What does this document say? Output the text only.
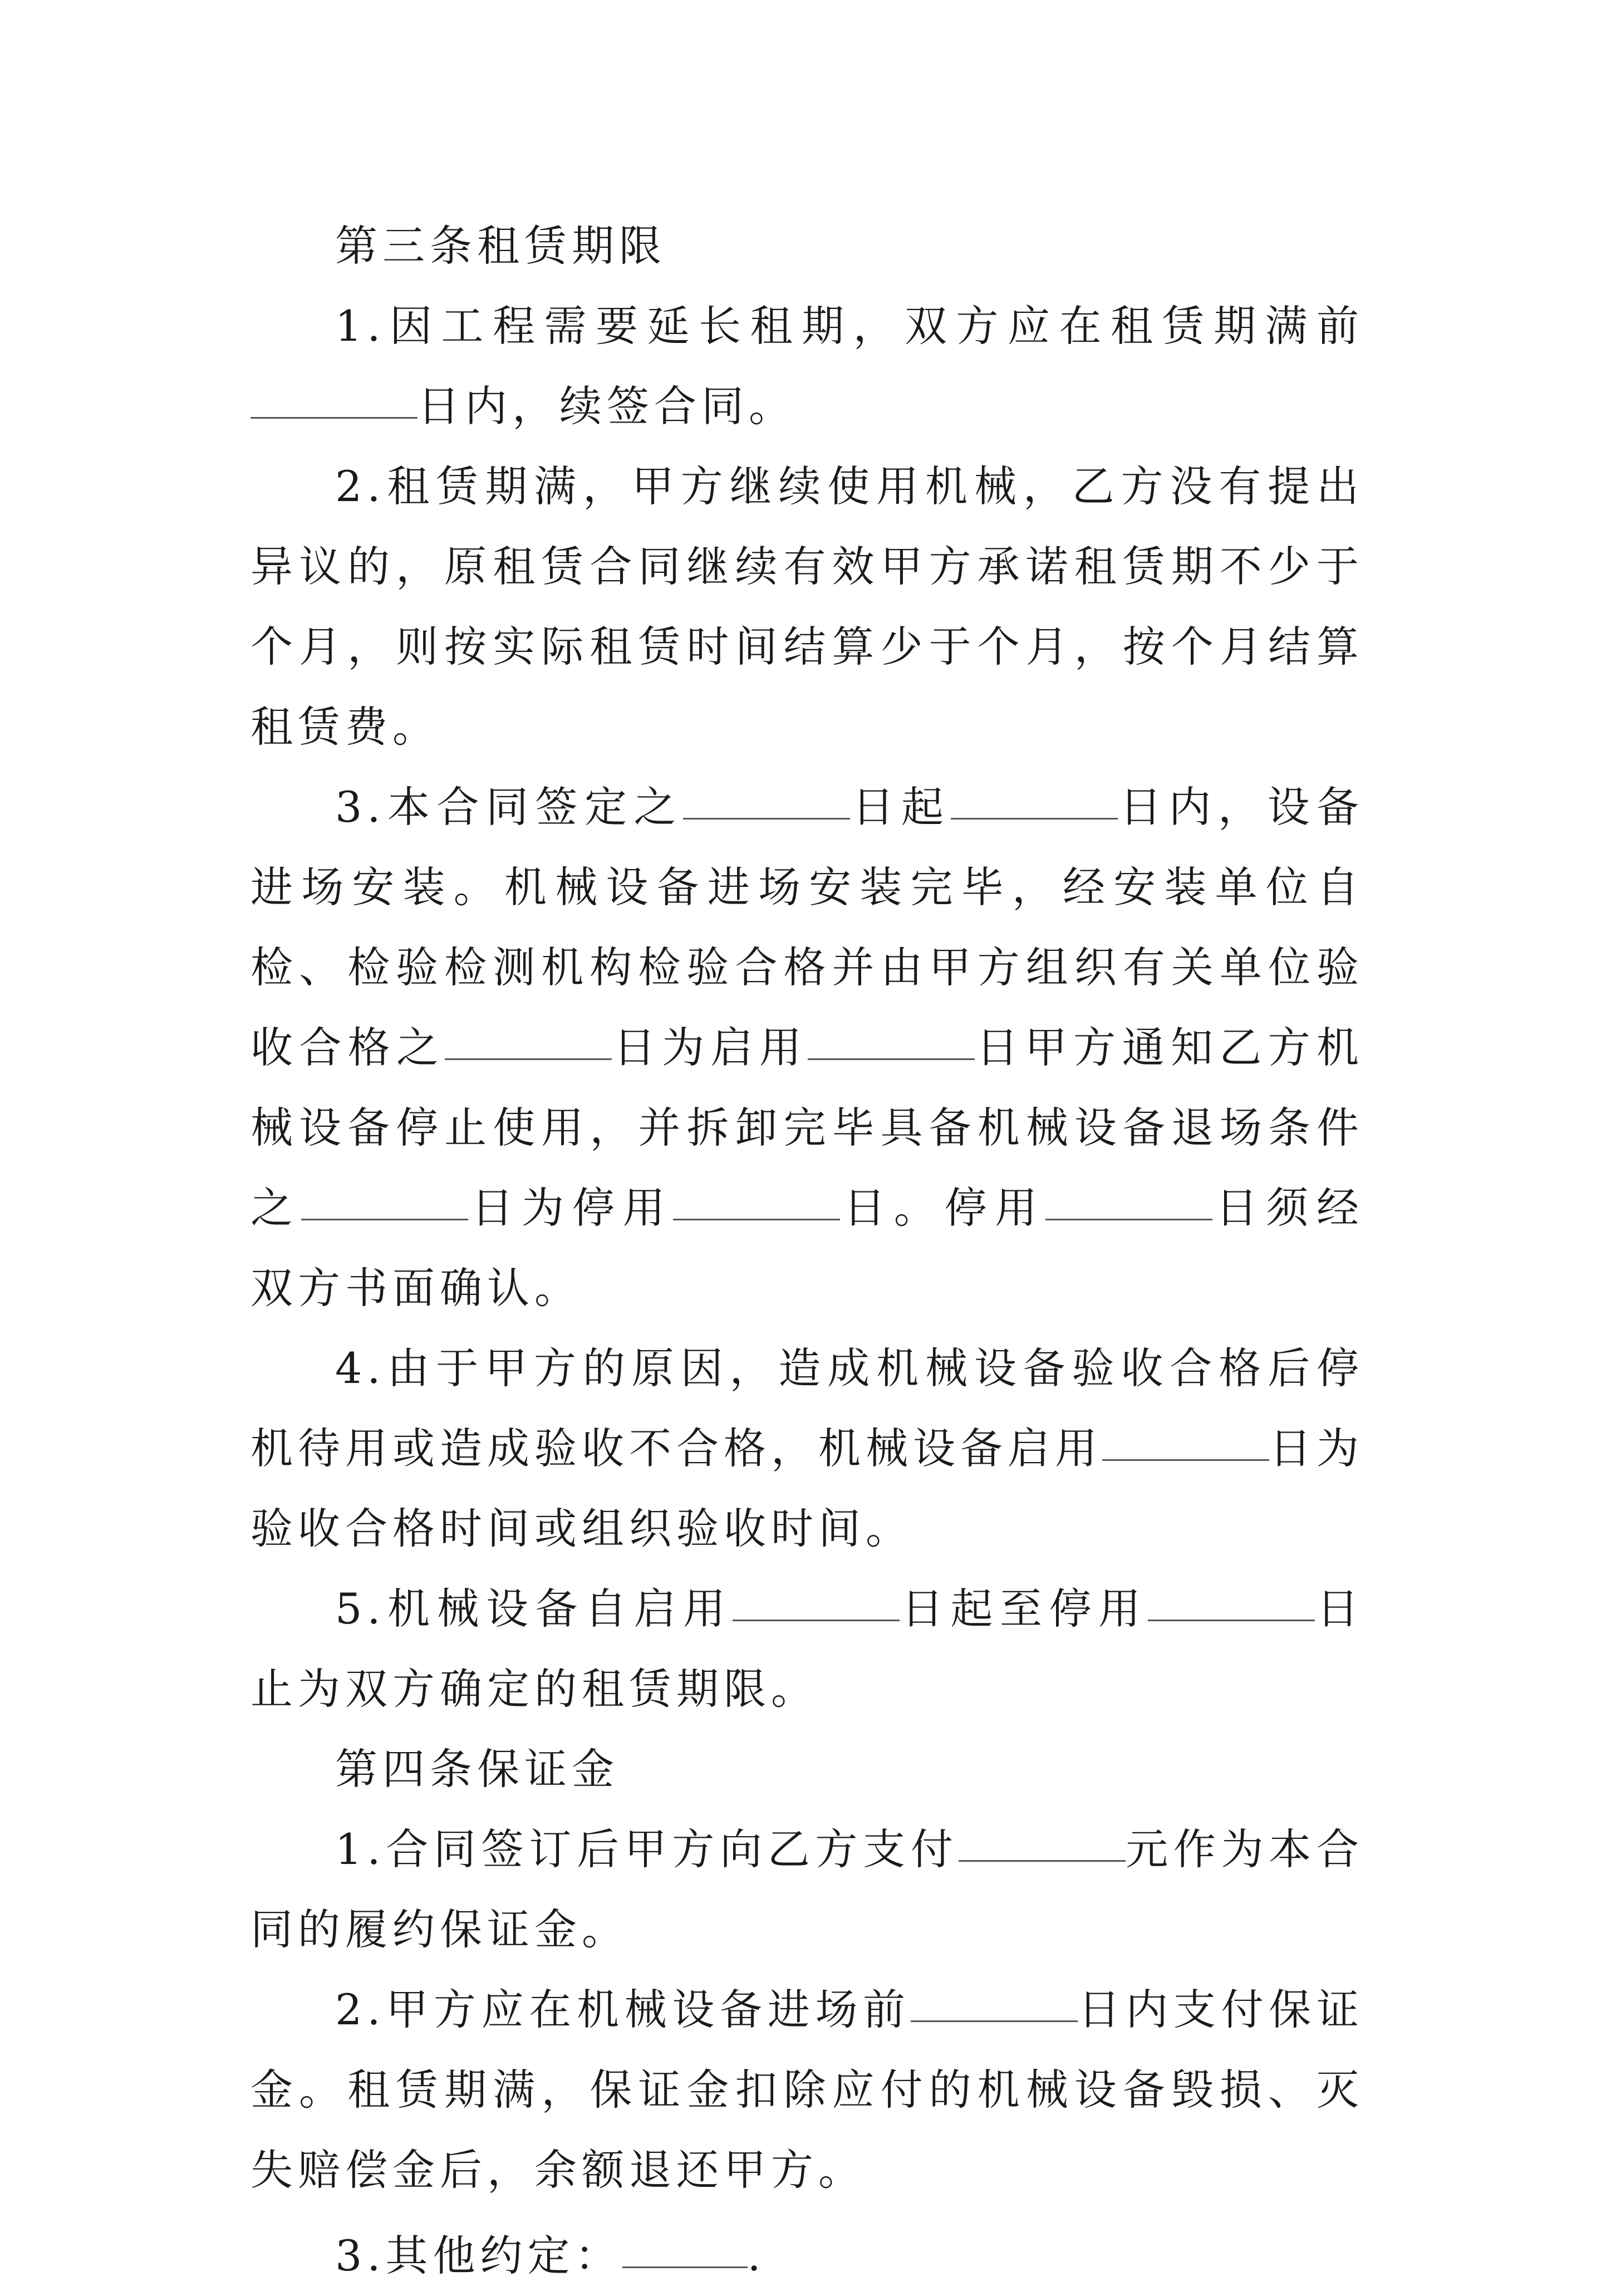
第三条租赁期限

1.因工程需要延长租期，双方应在租赁期满前日内，续签合同。

2.租赁期满，甲方继续使用机械，乙方没有提出异议的，原租赁合同继续有效甲方承诺租赁期不少于个月，则按实际租赁时间结算少于个月，按个月结算租赁费。

3.本合同签定之	日起	日内，设备进场安装。机械设备进场安装完毕，经安装单位自检、检验检测机构检验合格并由甲方组织有关单位验收合格之	日为启用	日甲方通知乙方机械设备停止使用，并拆卸完毕具备机械设备退场条件之	日为停用	日。停用	日须经双方书面确认。

4.由于甲方的原因，造成机械设备验收合格后停机待用或造成验收不合格，机械设备启用	日为验收合格时间或组织验收时间。

5.机械设备自启用	日起至停用	日止为双方确定的租赁期限。

第四条保证金

1.合同签订后甲方向乙方支付	元作为本合同的履约保证金。

2.甲方应在机械设备进场前	日内支付保证金。租赁期满，保证金扣除应付的机械设备毁损、灭失赔偿金后，余额退还甲方。

3.其他约定：	.
